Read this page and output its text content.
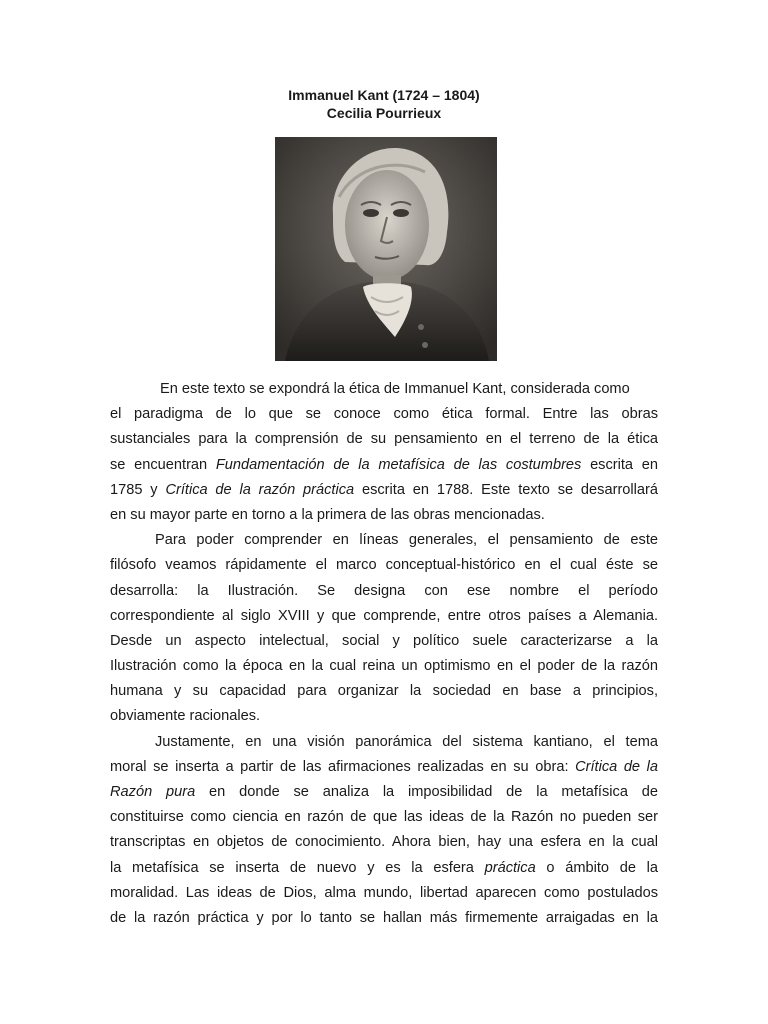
Immanuel Kant (1724 – 1804)
Cecilia Pourrieux
En este texto se expondrá la ética de Immanuel Kant, considerada como
el paradigma de lo que se conoce como ética formal. Entre las obras
sustanciales para la comprensión de su pensamiento en el terreno de la ética
se encuentran Fundamentación de la metafísica de las costumbres escrita en
1785 y Crítica de la razón práctica escrita en 1788. Este texto se desarrollará
en su mayor parte en torno a la primera de las obras mencionadas.
Para poder comprender en líneas generales, el pensamiento de este
filósofo veamos rápidamente el marco conceptual-histórico en el cual éste se
desarrolla: la Ilustración. Se designa con ese nombre el período
correspondiente al siglo XVIII y que comprende, entre otros países a Alemania.
Desde un aspecto intelectual, social y político suele caracterizarse a la
Ilustración como la época en la cual reina un optimismo en el poder de la razón
humana y su capacidad para organizar la sociedad en base a principios,
obviamente racionales.
Justamente, en una visión panorámica del sistema kantiano, el tema
moral se inserta a partir de las afirmaciones realizadas en su obra: Crítica de la
Razón pura en donde se analiza la imposibilidad de la metafísica de
constituirse como ciencia en razón de que las ideas de la Razón no pueden ser
transcriptas en objetos de conocimiento. Ahora bien, hay una esfera en la cual
la metafísica se inserta de nuevo y es la esfera práctica o ámbito de la
moralidad. Las ideas de Dios, alma mundo, libertad aparecen como postulados
de la razón práctica y por lo tanto se hallan más firmemente arraigadas en la
